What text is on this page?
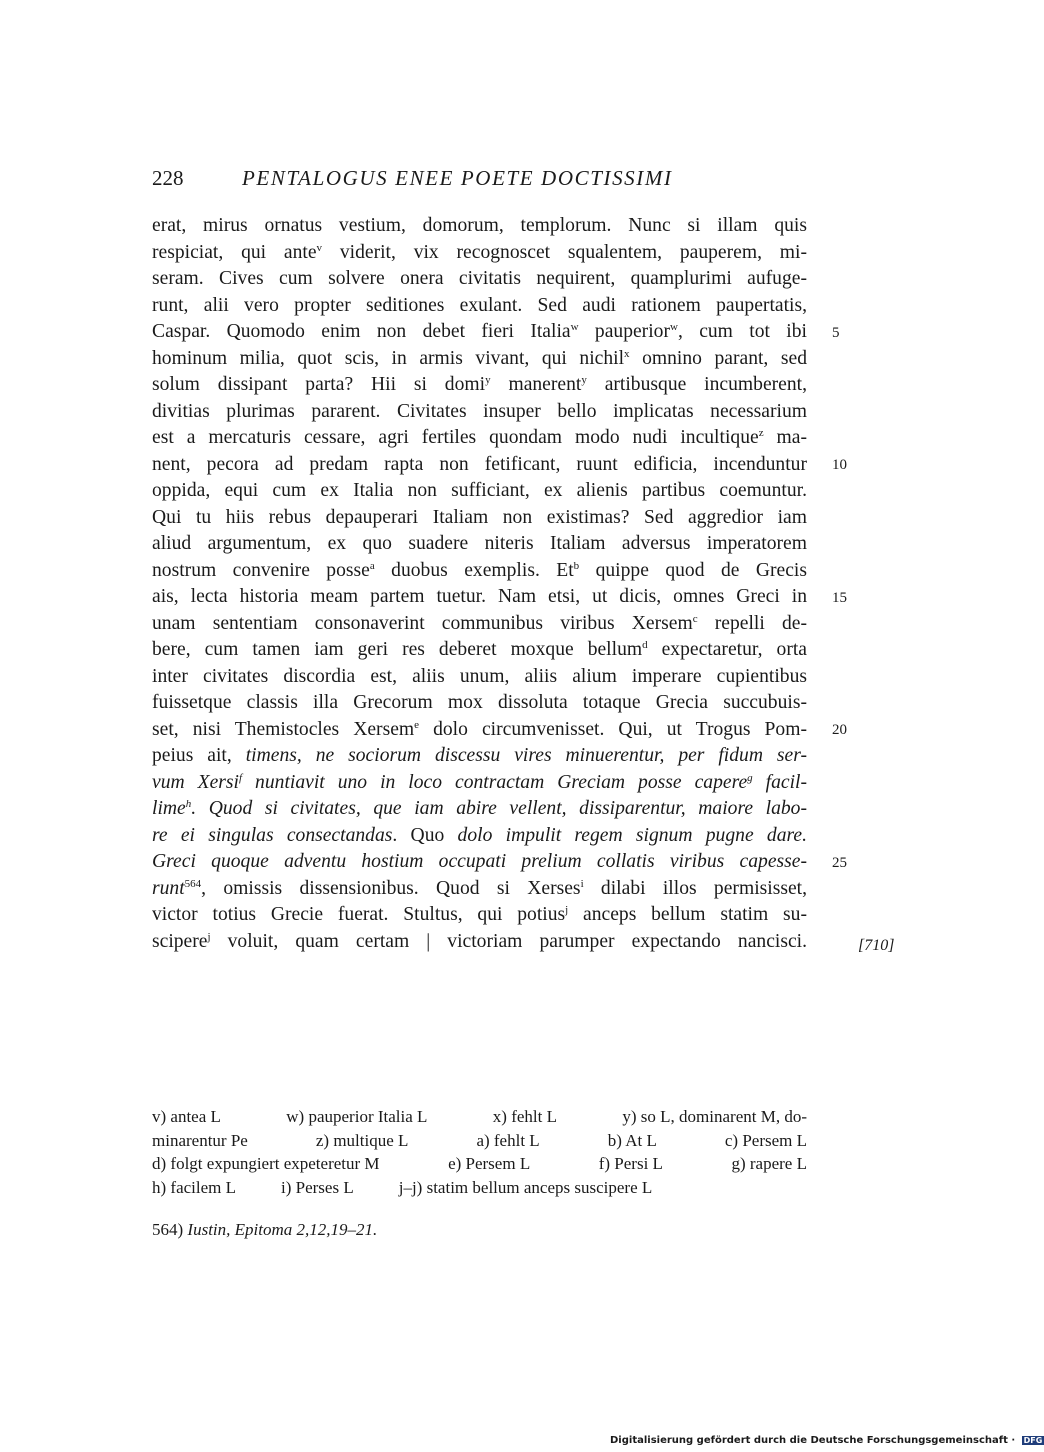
228	PENTALOGUS ENEE POETE DOCTISSIMI
erat, mirus ornatus vestium, domorum, templorum. Nunc si illam quis
respiciat, qui ante$^v$ viderit, vix recognoscet squalentem, pauperem, mi-
seram. Cives cum solvere onera civitatis nequirent, quamplurimi aufuge-
runt, alii vero propter seditiones exulant. Sed audi rationem paupertatis,
Caspar. Quomodo enim non debet fieri Italia$^w$ pauperior$^w$, cum tot ibi
hominum milia, quot scis, in armis vivant, qui nichil$^x$ omnino parant, sed
solum dissipant parta? Hii si domi$^y$ manerent$^y$ artibusque incumberent,
divitias plurimas pararent. Civitates insuper bello implicatas necessarium
est a mercaturis cessare, agri fertiles quondam modo nudi incultique$^z$ ma-
nent, pecora ad predam rapta non fetificant, ruunt edificia, incenduntur
oppida, equi cum ex Italia non sufficiant, ex alienis partibus coemuntur.
Qui tu hiis rebus depauperari Italiam non existimas? Sed aggredior iam
aliud argumentum, ex quo suadere niteris Italiam adversus imperatorem
nostrum convenire posse$^a$ duobus exemplis. Et$^b$ quippe quod de Grecis
ais, lecta historia meam partem tuetur. Nam etsi, ut dicis, omnes Greci in
unam sententiam consonaverint communibus viribus Xersem$^c$ repelli de-
bere, cum tamen iam geri res deberet moxque bellum$^d$ expectaretur, orta
inter civitates discordia est, aliis unum, aliis alium imperare cupientibus
fuissetque classis illa Grecorum mox dissoluta totaque Grecia succubuis-
set, nisi Themistocles Xersem$^e$ dolo circumvenisset. Qui, ut Trogus Pom-
peius ait, timens, ne sociorum discessu vires minuerentur, per fidum ser-
vum Xersi$^f$ nuntiavit uno in loco contractam Greciam posse capere$^g$ facil-
lime$^h$. Quod si civitates, que iam abire vellent, dissiparentur, maiore labo-
re ei singulas consectandas. Quo dolo impulit regem signum pugne dare.
Greci quoque adventu hostium occupati prelium collatis viribus capesse-
runt$^{564}$, omissis dissensionibus. Quod si Xerses$^i$ dilabi illos permisisset,
victor totius Grecie fuerat. Stultus, qui potius$^j$ anceps bellum statim su-
scipere$^j$ voluit, quam certam | victoriam parumper expectando nancisci.
5
10
15
20
25
[710]
v) antea L	w) pauperior Italia L	x) fehlt L	y) so L, dominarent M, do-
minarentur Pe	z) multique L	a) fehlt L	b) At L	c) Persem L
d) folgt expungiert expeteretur M	e) Persem L	f) Persi L	g) rapere L
h) facilem L	i) Perses L	j–j) statim bellum anceps suscipere L
564) Iustin, Epitoma 2,12,19–21.
Digitalisierung gefördert durch die Deutsche Forschungsgemeinschaft · DFG
